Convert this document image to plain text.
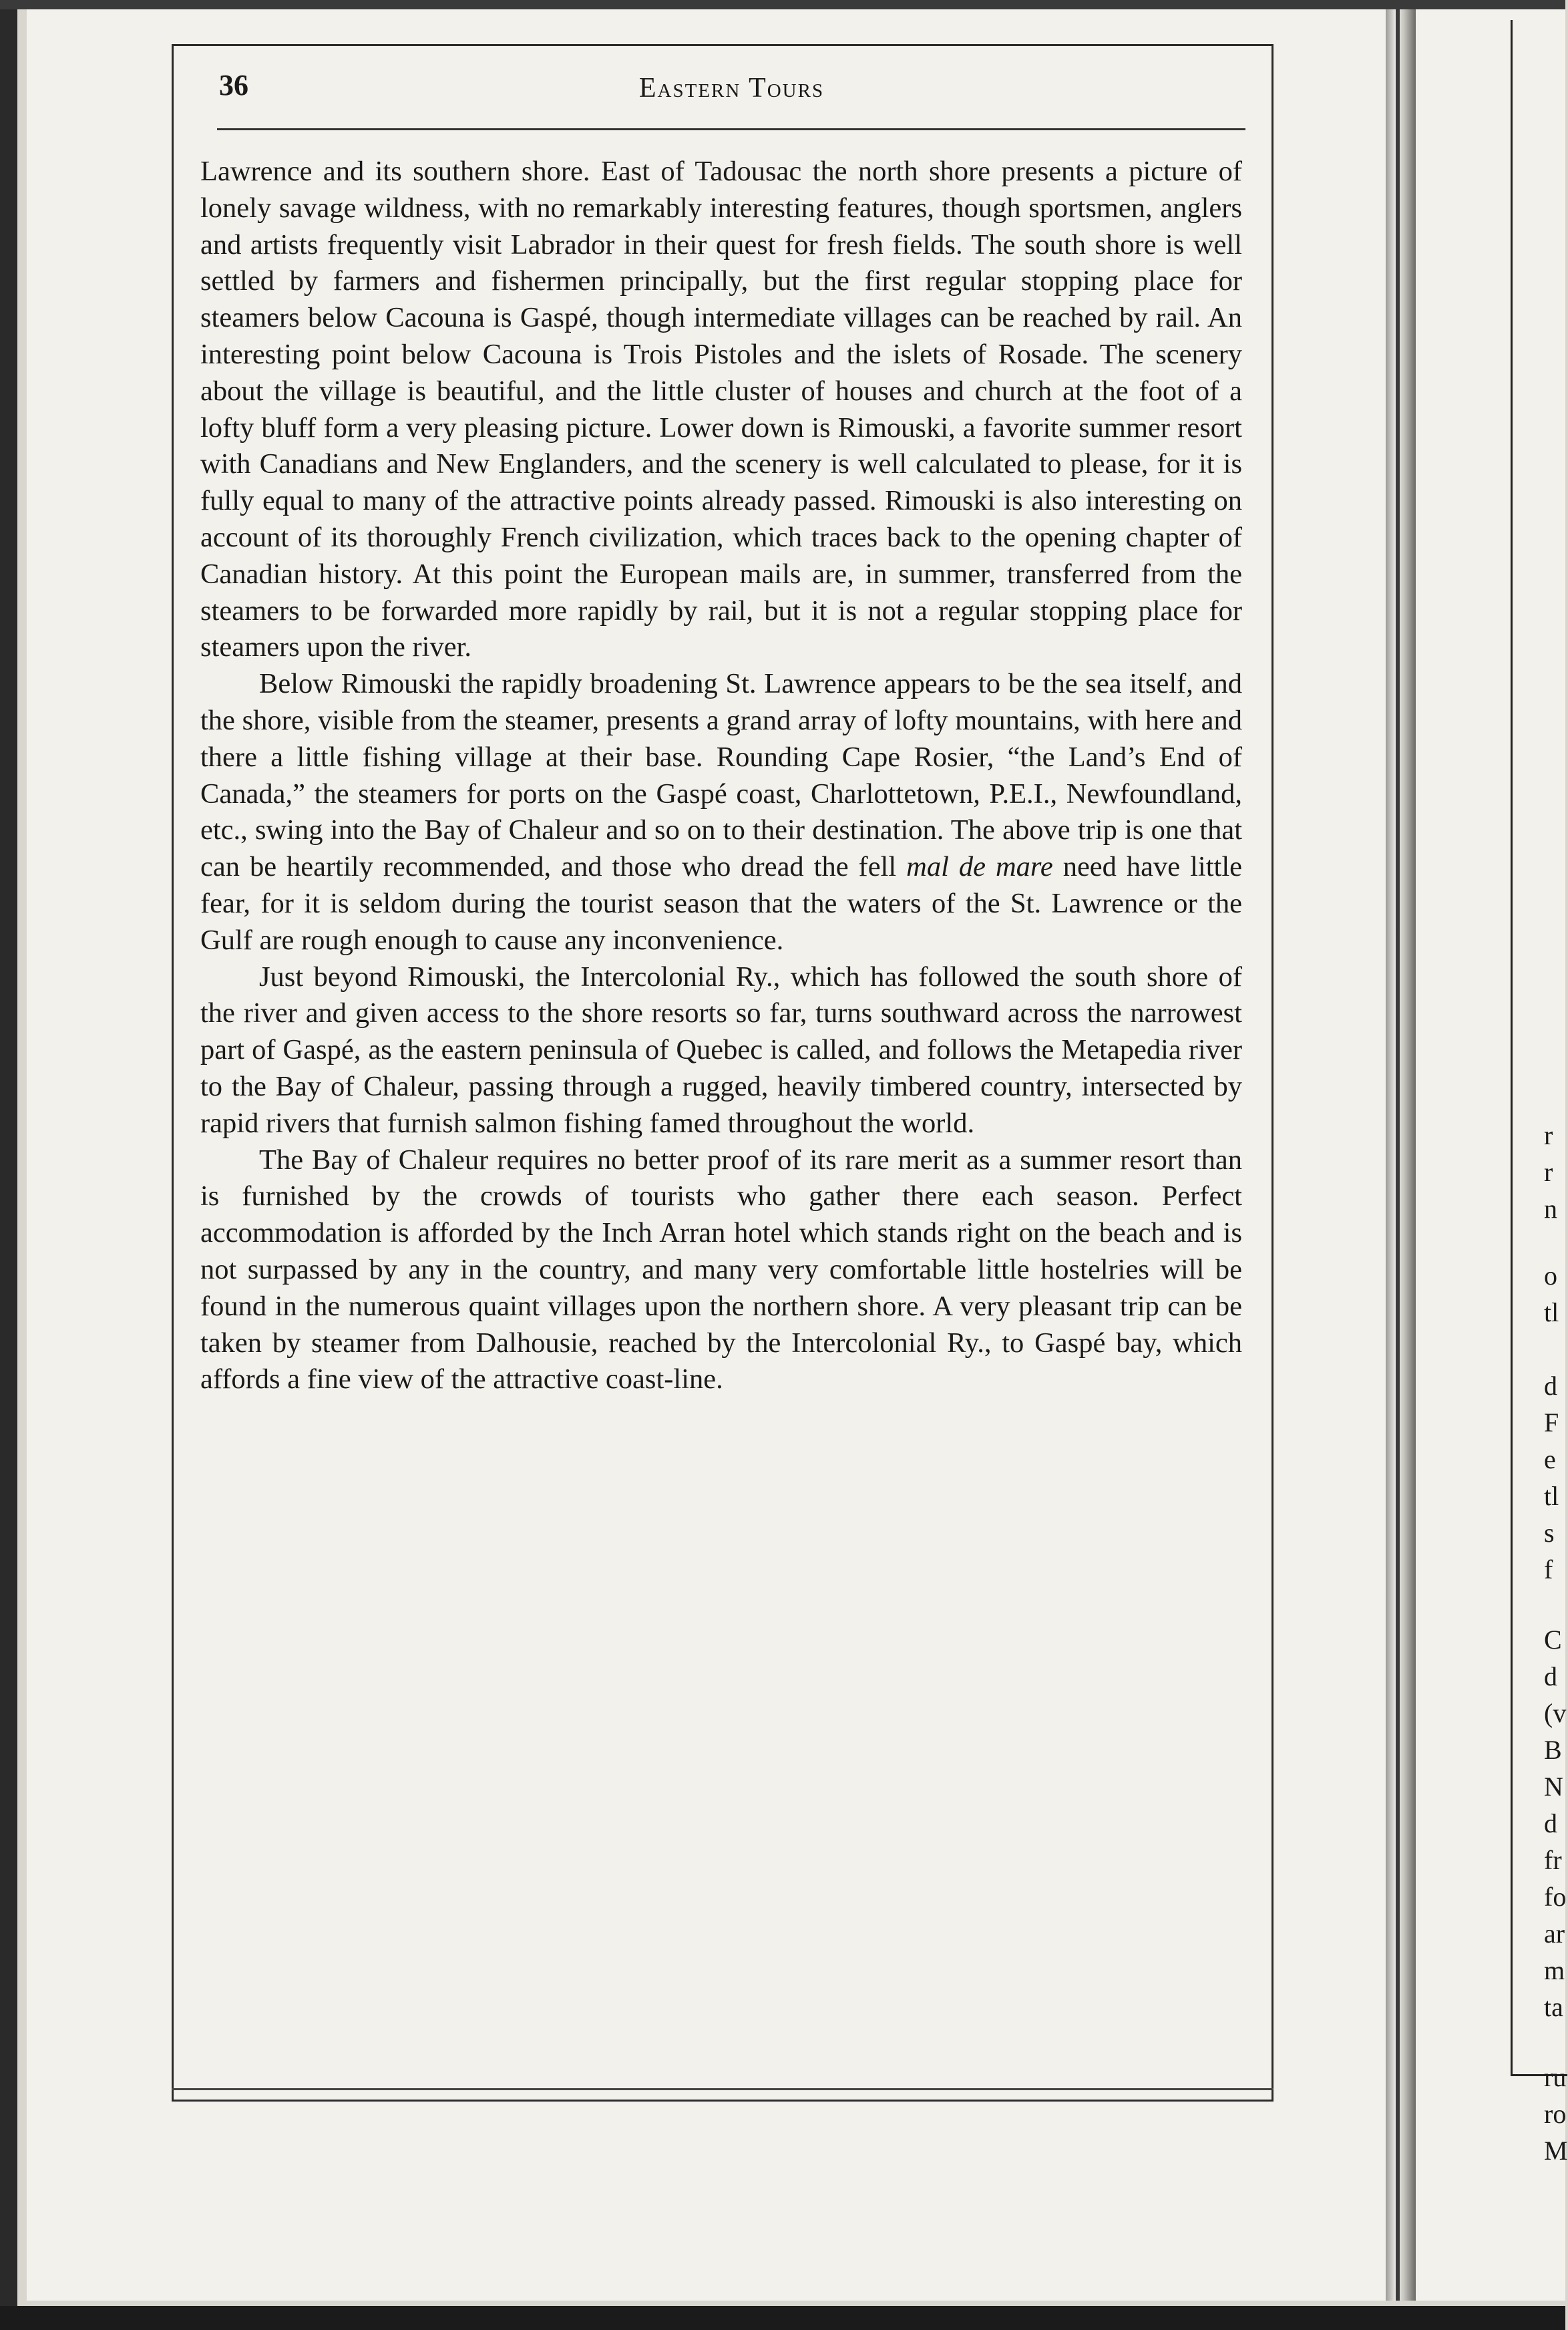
r
r
n
o
tl
d
F
e
tl
s
f
C
d
(v
B
N
d
fr
fo
ar
m
ta
ru
ro
M
36	Eastern Tours

Lawrence and its southern shore. East of Tadousac the north shore presents a picture of lonely savage wildness, with no remarkably interesting features, though sportsmen, anglers and artists frequently visit Labrador in their quest for fresh fields. The south shore is well settled by farmers and fishermen principally, but the first regular stopping place for steamers below Cacouna is Gaspé, though intermediate villages can be reached by rail. An interesting point below Cacouna is Trois Pistoles and the islets of Rosade. The scenery about the village is beautiful, and the little cluster of houses and church at the foot of a lofty bluff form a very pleasing picture. Lower down is Rimouski, a favorite summer resort with Canadians and New Englanders, and the scenery is well calculated to please, for it is fully equal to many of the attractive points already passed. Rimouski is also interesting on account of its thoroughly French civilization, which traces back to the opening chapter of Canadian history. At this point the European mails are, in summer, transferred from the steamers to be forwarded more rapidly by rail, but it is not a regular stopping place for steamers upon the river.

Below Rimouski the rapidly broadening St. Lawrence appears to be the sea itself, and the shore, visible from the steamer, presents a grand array of lofty mountains, with here and there a little fishing village at their base. Rounding Cape Rosier, “the Land’s End of Canada,” the steamers for ports on the Gaspé coast, Charlottetown, P.E.I., Newfoundland, etc., swing into the Bay of Chaleur and so on to their destination. The above trip is one that can be heartily recommended, and those who dread the fell mal de mare need have little fear, for it is seldom during the tourist season that the waters of the St. Lawrence or the Gulf are rough enough to cause any inconvenience.

Just beyond Rimouski, the Intercolonial Ry., which has followed the south shore of the river and given access to the shore resorts so far, turns southward across the narrowest part of Gaspé, as the eastern peninsula of Quebec is called, and follows the Metapedia river to the Bay of Chaleur, passing through a rugged, heavily timbered country, intersected by rapid rivers that furnish salmon fishing famed throughout the world.

The Bay of Chaleur requires no better proof of its rare merit as a summer resort than is furnished by the crowds of tourists who gather there each season. Perfect accommodation is afforded by the Inch Arran hotel which stands right on the beach and is not surpassed by any in the country, and many very comfortable little hostelries will be found in the numerous quaint villages upon the northern shore. A very pleasant trip can be taken by steamer from Dalhousie, reached by the Intercolonial Ry., to Gaspé bay, which affords a fine view of the attractive coast-line.
